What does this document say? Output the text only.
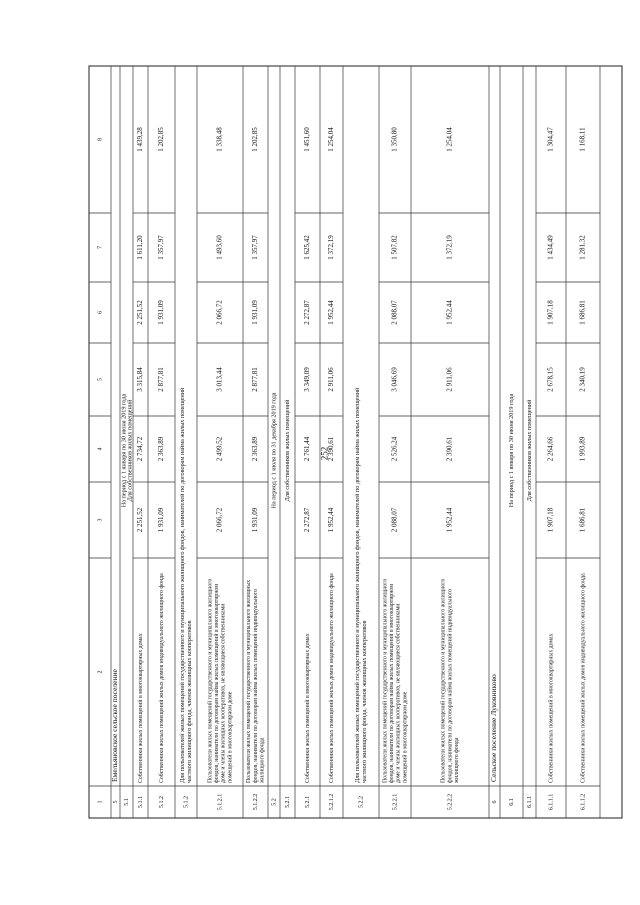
252
1
2
3
4
5
6
7
8
5
Емельяновское сельское поселение
5.1
На период с 1 января по 30 июня 2019 года Для собственников жилых помещений
5.1.1
Собственники жилых помещений в многоквартирных домах
2 251,52
2 734,72
3 315,84
2 251,52
1 611,20
1 439,28
5.1.2
Собственники жилых помещений жилых домов индивидуального жилищного фонда
1 931,09
2 363,89
2 877,81
1 931,09
1 357,97
1 202,85
5.1.2
Для пользователей жилых помещений государственного и муниципального жилищного фондов, нанимателей по договорам найма жилых помещений частного жилищного фонда, членов жилищных кооперативов
5.1.2.1
Пользователи жилых помещений государственного и муниципального жилищного фондов, наниматели по договорам найма жилых помещений в многоквартирном доме и члены жилищных кооперативов, не являющиеся собственниками помещений в многоквартирном доме
2 066,72
2 499,52
3 013,44
2 066,72
1 493,60
1 338,48
5.1.2.2
Пользователи жилых помещений государственного и муниципального жилищных фондов, наниматели по договорам найма жилых помещений индивидуального жилищного фонда
1 931,09
2 363,89
2 877,81
1 931,09
1 357,97
1 202,85
5.2
На период с 1 июля по 31 декабря 2019 года
5.2.1
Для собственников жилых помещений
5.2.1
Собственники жилых помещений в многоквартирных домах
2 272,87
2 761,44
3 349,09
2 272,87
1 625,42
1 451,60
5.2.1.2
Собственники жилых помещений жилых домов индивидуального жилищного фонда
1 952,44
2 390,61
2 911,06
1 952,44
1 372,19
1 254,04
5.2.2
Для пользователей жилых помещений государственного и муниципального жилищного фондов, нанимателей по договорам найма жилых помещений частного жилищного фонда, членов жилищных кооперативов
5.2.2.1
Пользователи жилых помещений государственного и муниципального жилищного фондов, наниматели по договорам найма жилых помещений в многоквартирном доме и члены жилищных кооперативов, не являющиеся собственниками помещений в многоквартирном доме
2 088,07
2 526,24
3 046,69
2 088,07
1 507,82
1 350,80
5.2.2.2
Пользователи жилых помещений государственного и муниципального жилищного фондов, наниматели по договорам найма жилых помещений индивидуального жилищного фонда
1 952,44
2 390,61
2 911,06
1 952,44
1 372,19
1 254,04
6
Сельское поселение Луковниково
6.1
На период с 1 января по 30 июня 2019 года
6.1.1
Для собственников жилых помещений
6.1.1.1
Собственники жилых помещений в многоквартирных домах
1 907,18
2 264,66
2 678,15
1 907,18
1 434,49
1 304,47
6.1.1.2
Собственники жилых помещений жилых домов индивидуального жилищного фонда
1 686,81
1 993,89
2 340,19
1 686,81
1 281,32
1 168,11
